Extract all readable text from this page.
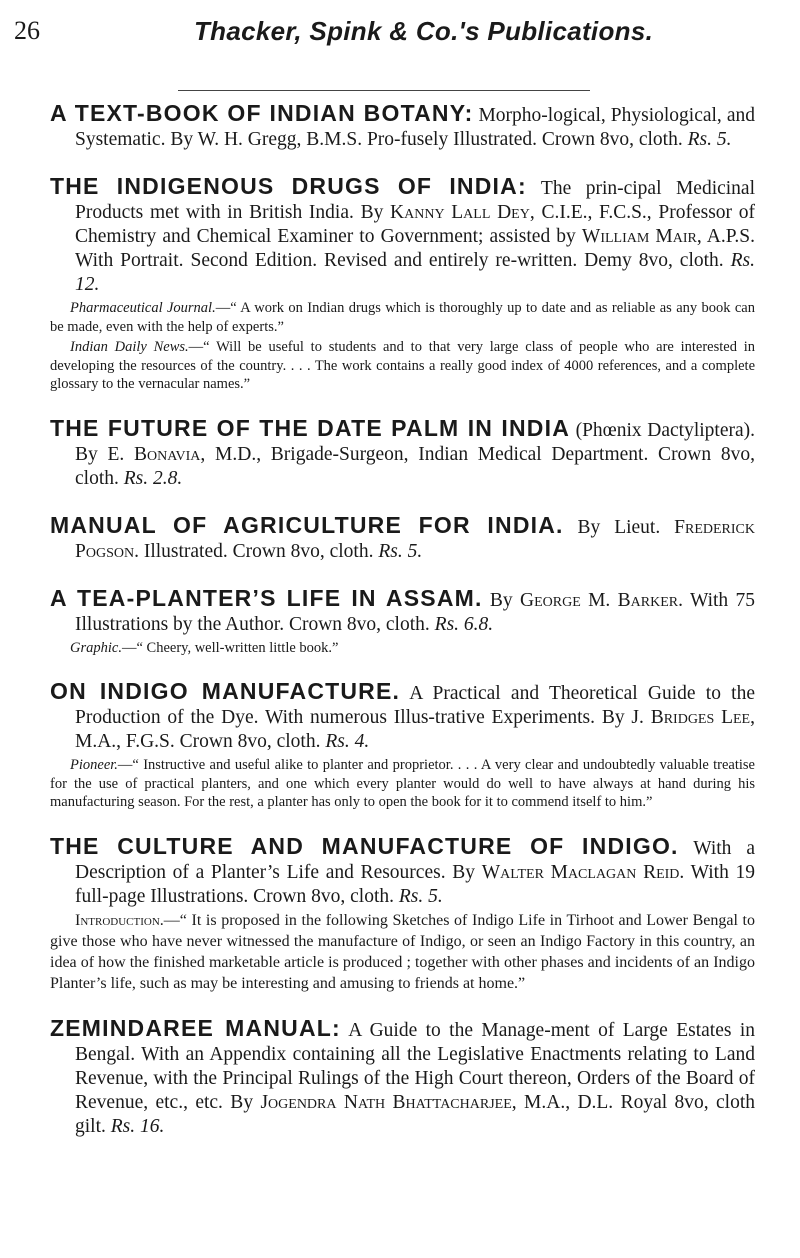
26	Thacker, Spink & Co.'s Publications.

A TEXT-BOOK OF INDIAN BOTANY: Morpho-logical, Physiological, and Systematic. By W. H. Gregg, B.M.S. Pro-fusely Illustrated. Crown 8vo, cloth. Rs. 5.

THE INDIGENOUS DRUGS OF INDIA: The prin-cipal Medicinal Products met with in British India. By Kanny Lall Dey, C.I.E., F.C.S., Professor of Chemistry and Chemical Examiner to Government; assisted by William Mair, A.P.S. With Portrait. Second Edition. Revised and entirely re-written. Demy 8vo, cloth. Rs. 12.

Pharmaceutical Journal.—“ A work on Indian drugs which is thoroughly up to date and as reliable as any book can be made, even with the help of experts.”
Indian Daily News.—“ Will be useful to students and to that very large class of people who are interested in developing the resources of the country. . . . The work contains a really good index of 4000 references, and a complete glossary to the vernacular names.”

THE FUTURE OF THE DATE PALM IN INDIA (Phœnix Dactyliptera). By E. Bonavia, M.D., Brigade-Surgeon, Indian Medical Department. Crown 8vo, cloth. Rs. 2.8.

MANUAL OF AGRICULTURE FOR INDIA. By Lieut. Frederick Pogson. Illustrated. Crown 8vo, cloth. Rs. 5.

A TEA-PLANTER’S LIFE IN ASSAM. By George M. Barker. With 75 Illustrations by the Author. Crown 8vo, cloth. Rs. 6.8.

Graphic.—“ Cheery, well-written little book.”

ON INDIGO MANUFACTURE. A Practical and Theoretical Guide to the Production of the Dye. With numerous Illus-trative Experiments. By J. Bridges Lee, M.A., F.G.S. Crown 8vo, cloth. Rs. 4.

Pioneer.—“ Instructive and useful alike to planter and proprietor. . . . A very clear and undoubtedly valuable treatise for the use of practical planters, and one which every planter would do well to have always at hand during his manufacturing season. For the rest, a planter has only to open the book for it to commend itself to him.”

THE CULTURE AND MANUFACTURE OF INDIGO. With a Description of a Planter’s Life and Resources. By Walter Maclagan Reid. With 19 full-page Illustrations. Crown 8vo, cloth. Rs. 5.

Introduction.—“ It is proposed in the following Sketches of Indigo Life in Tirhoot and Lower Bengal to give those who have never witnessed the manufacture of Indigo, or seen an Indigo Factory in this country, an idea of how the finished marketable article is produced ; together with other phases and incidents of an Indigo Planter’s life, such as may be interesting and amusing to friends at home.”

ZEMINDAREE MANUAL: A Guide to the Manage-ment of Large Estates in Bengal. With an Appendix containing all the Legislative Enactments relating to Land Revenue, with the Principal Rulings of the High Court thereon, Orders of the Board of Revenue, etc., etc. By Jogendra Nath Bhattacharjee, M.A., D.L. Royal 8vo, cloth gilt. Rs. 16.
